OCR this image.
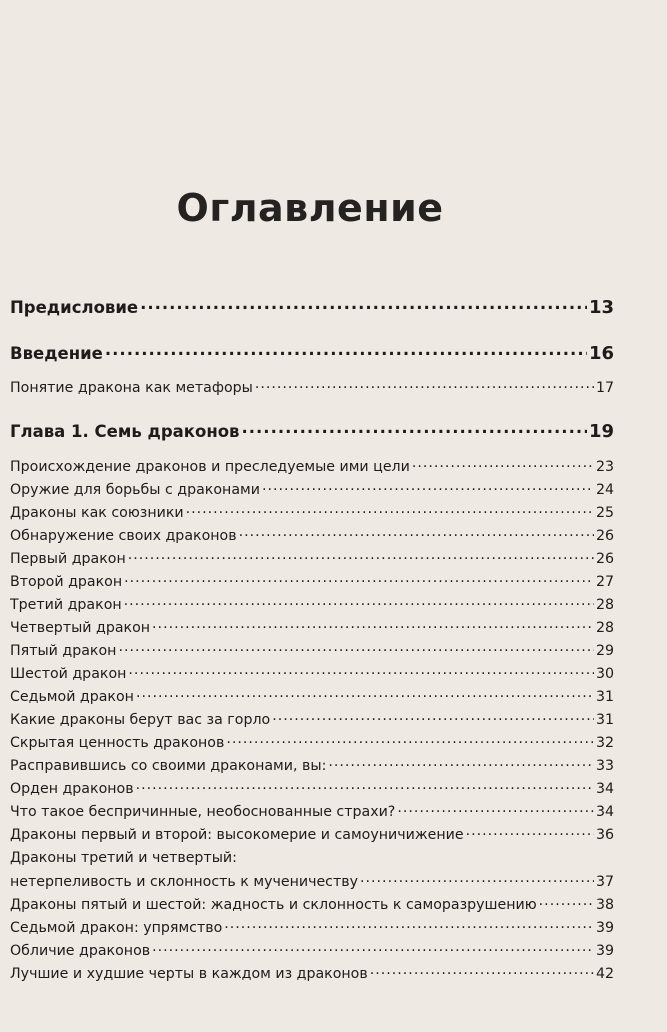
Оглавление
Предисловие .....	13
Введение .....	16
Понятие дракона как метафоры .....	17
Глава 1. Семь драконов .....	19
Происхождение драконов и преследуемые ими цели .....	23
Оружие для борьбы с драконами .....	24
Драконы как союзники .....	25
Обнаружение своих драконов .....	26
Первый дракон .....	26
Второй дракон .....	27
Третий дракон .....	28
Четвертый дракон .....	28
Пятый дракон .....	29
Шестой дракон .....	30
Седьмой дракон .....	31
Какие драконы берут вас за горло .....	31
Скрытая ценность драконов .....	32
Расправившись со своими драконами, вы: .....	33
Орден драконов .....	34
Что такое беспричинные, необоснованные страхи? .....	34
Драконы первый и второй: высокомерие и самоуничижение .....	36
Драконы третий и четвертый:
нетерпеливость и склонность к мученичеству .....	37
Драконы пятый и шестой: жадность и склонность к саморазрушению .....	38
Седьмой дракон: упрямство .....	39
Обличие драконов .....	39
Лучшие и худшие черты в каждом из драконов .....	42
